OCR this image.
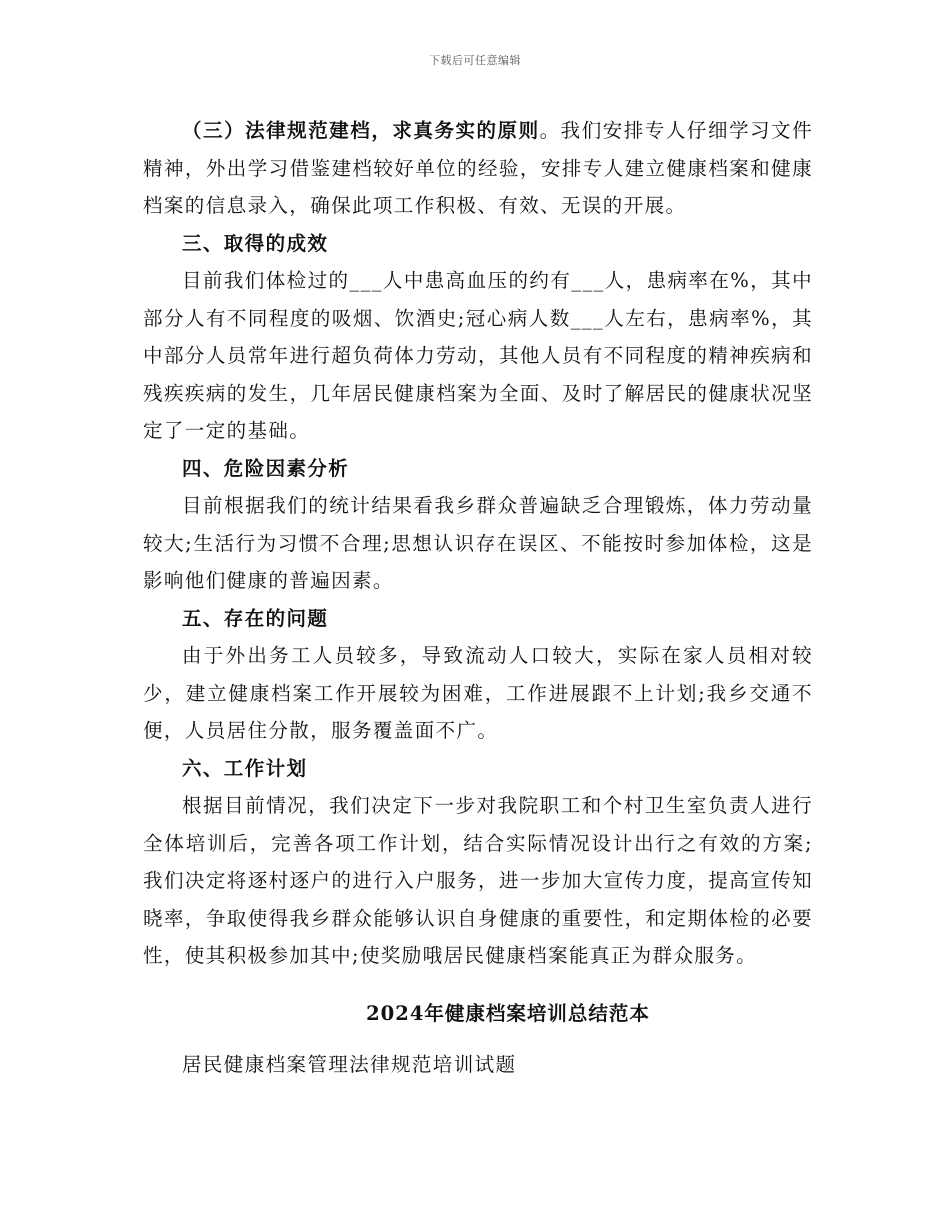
下载后可任意编辑

（三）法律规范建档，求真务实的原则。我们安排专人仔细学习文件精神，外出学习借鉴建档较好单位的经验，安排专人建立健康档案和健康档案的信息录入，确保此项工作积极、有效、无误的开展。

三、取得的成效

目前我们体检过的___人中患高血压的约有___人，患病率在%，其中部分人有不同程度的吸烟、饮酒史;冠心病人数___人左右，患病率%，其中部分人员常年进行超负荷体力劳动，其他人员有不同程度的精神疾病和残疾疾病的发生，几年居民健康档案为全面、及时了解居民的健康状况坚定了一定的基础。

四、危险因素分析

目前根据我们的统计结果看我乡群众普遍缺乏合理锻炼，体力劳动量较大;生活行为习惯不合理;思想认识存在误区、不能按时参加体检，这是影响他们健康的普遍因素。

五、存在的问题

由于外出务工人员较多，导致流动人口较大，实际在家人员相对较少，建立健康档案工作开展较为困难，工作进展跟不上计划;我乡交通不便，人员居住分散，服务覆盖面不广。

六、工作计划

根据目前情况，我们决定下一步对我院职工和个村卫生室负责人进行全体培训后，完善各项工作计划，结合实际情况设计出行之有效的方案;我们决定将逐村逐户的进行入户服务，进一步加大宣传力度，提高宣传知晓率，争取使得我乡群众能够认识自身健康的重要性，和定期体检的必要性，使其积极参加其中;使奖励哦居民健康档案能真正为群众服务。

2024年健康档案培训总结范本

居民健康档案管理法律规范培训试题
